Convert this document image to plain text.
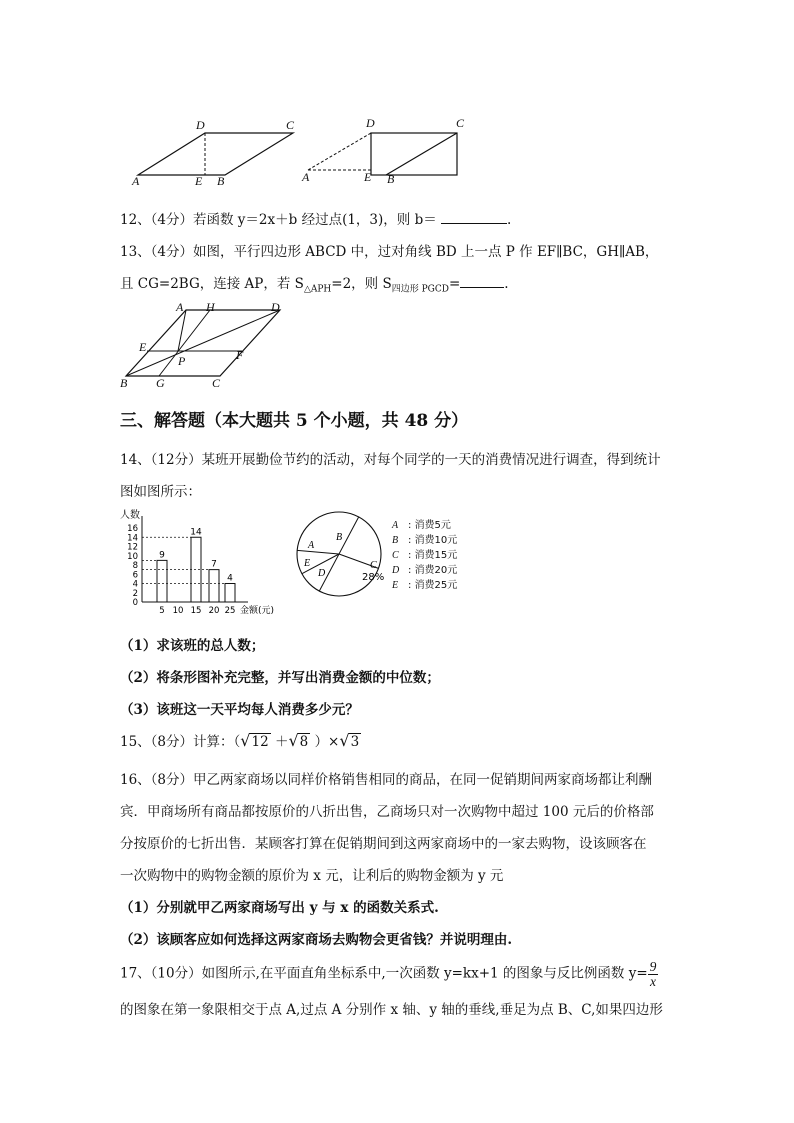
D	C
A	E B
D	C
A	E B
12、（4分）若函数 y＝2x＋b 经过点(1，3)，则 b＝	.
13、（4分）如图，平行四边形 ABCD 中，过对角线 BD 上一点 P 作 EF∥BC，GH∥AB，
且 CG=2BG，连接 AP，若 $S_{\triangle APH}=2$，则 $S_{四边形 PGCD}=$	.
A H	D
E
P	F
B G	C
三、解答题（本大题共 5 个小题，共 48 分）
14、（12分）某班开展勤俭节约的活动，对每个同学的一天的消费情况进行调查，得到统计
图如图所示：
人数
0
2
4
6
8
10
12
14
16
5
9
10 15
14
20
7
25
4
金额(元)
A
B
C
D
E
28%
A : 消费5元
B : 消费10元
C : 消费15元
D : 消费20元
E : 消费25元
（1）求该班的总人数；
（2）将条形图补充完整，并写出消费金额的中位数；
（3）该班这一天平均每人消费多少元？
15、（8分）计算：（√12 ＋√8 ）×√3
16、（8分）甲乙两家商场以同样价格销售相同的商品，在同一促销期间两家商场都让利酬
宾．甲商场所有商品都按原价的八折出售，乙商场只对一次购物中超过 100 元后的价格部
分按原价的七折出售．某顾客打算在促销期间到这两家商场中的一家去购物，设该顾客在
一次购物中的购物金额的原价为 x 元，让利后的购物金额为 y 元
（1）分别就甲乙两家商场写出 y 与 x 的函数关系式.
（2）该顾客应如何选择这两家商场去购物会更省钱？并说明理由.
17、（10分）如图所示,在平面直角坐标系中,一次函数 y=kx+1 的图象与反比例函数 $y= \frac{9}{x}$
的图象在第一象限相交于点 A,过点 A 分别作 x 轴、y 轴的垂线,垂足为点 B、C,如果四边形
